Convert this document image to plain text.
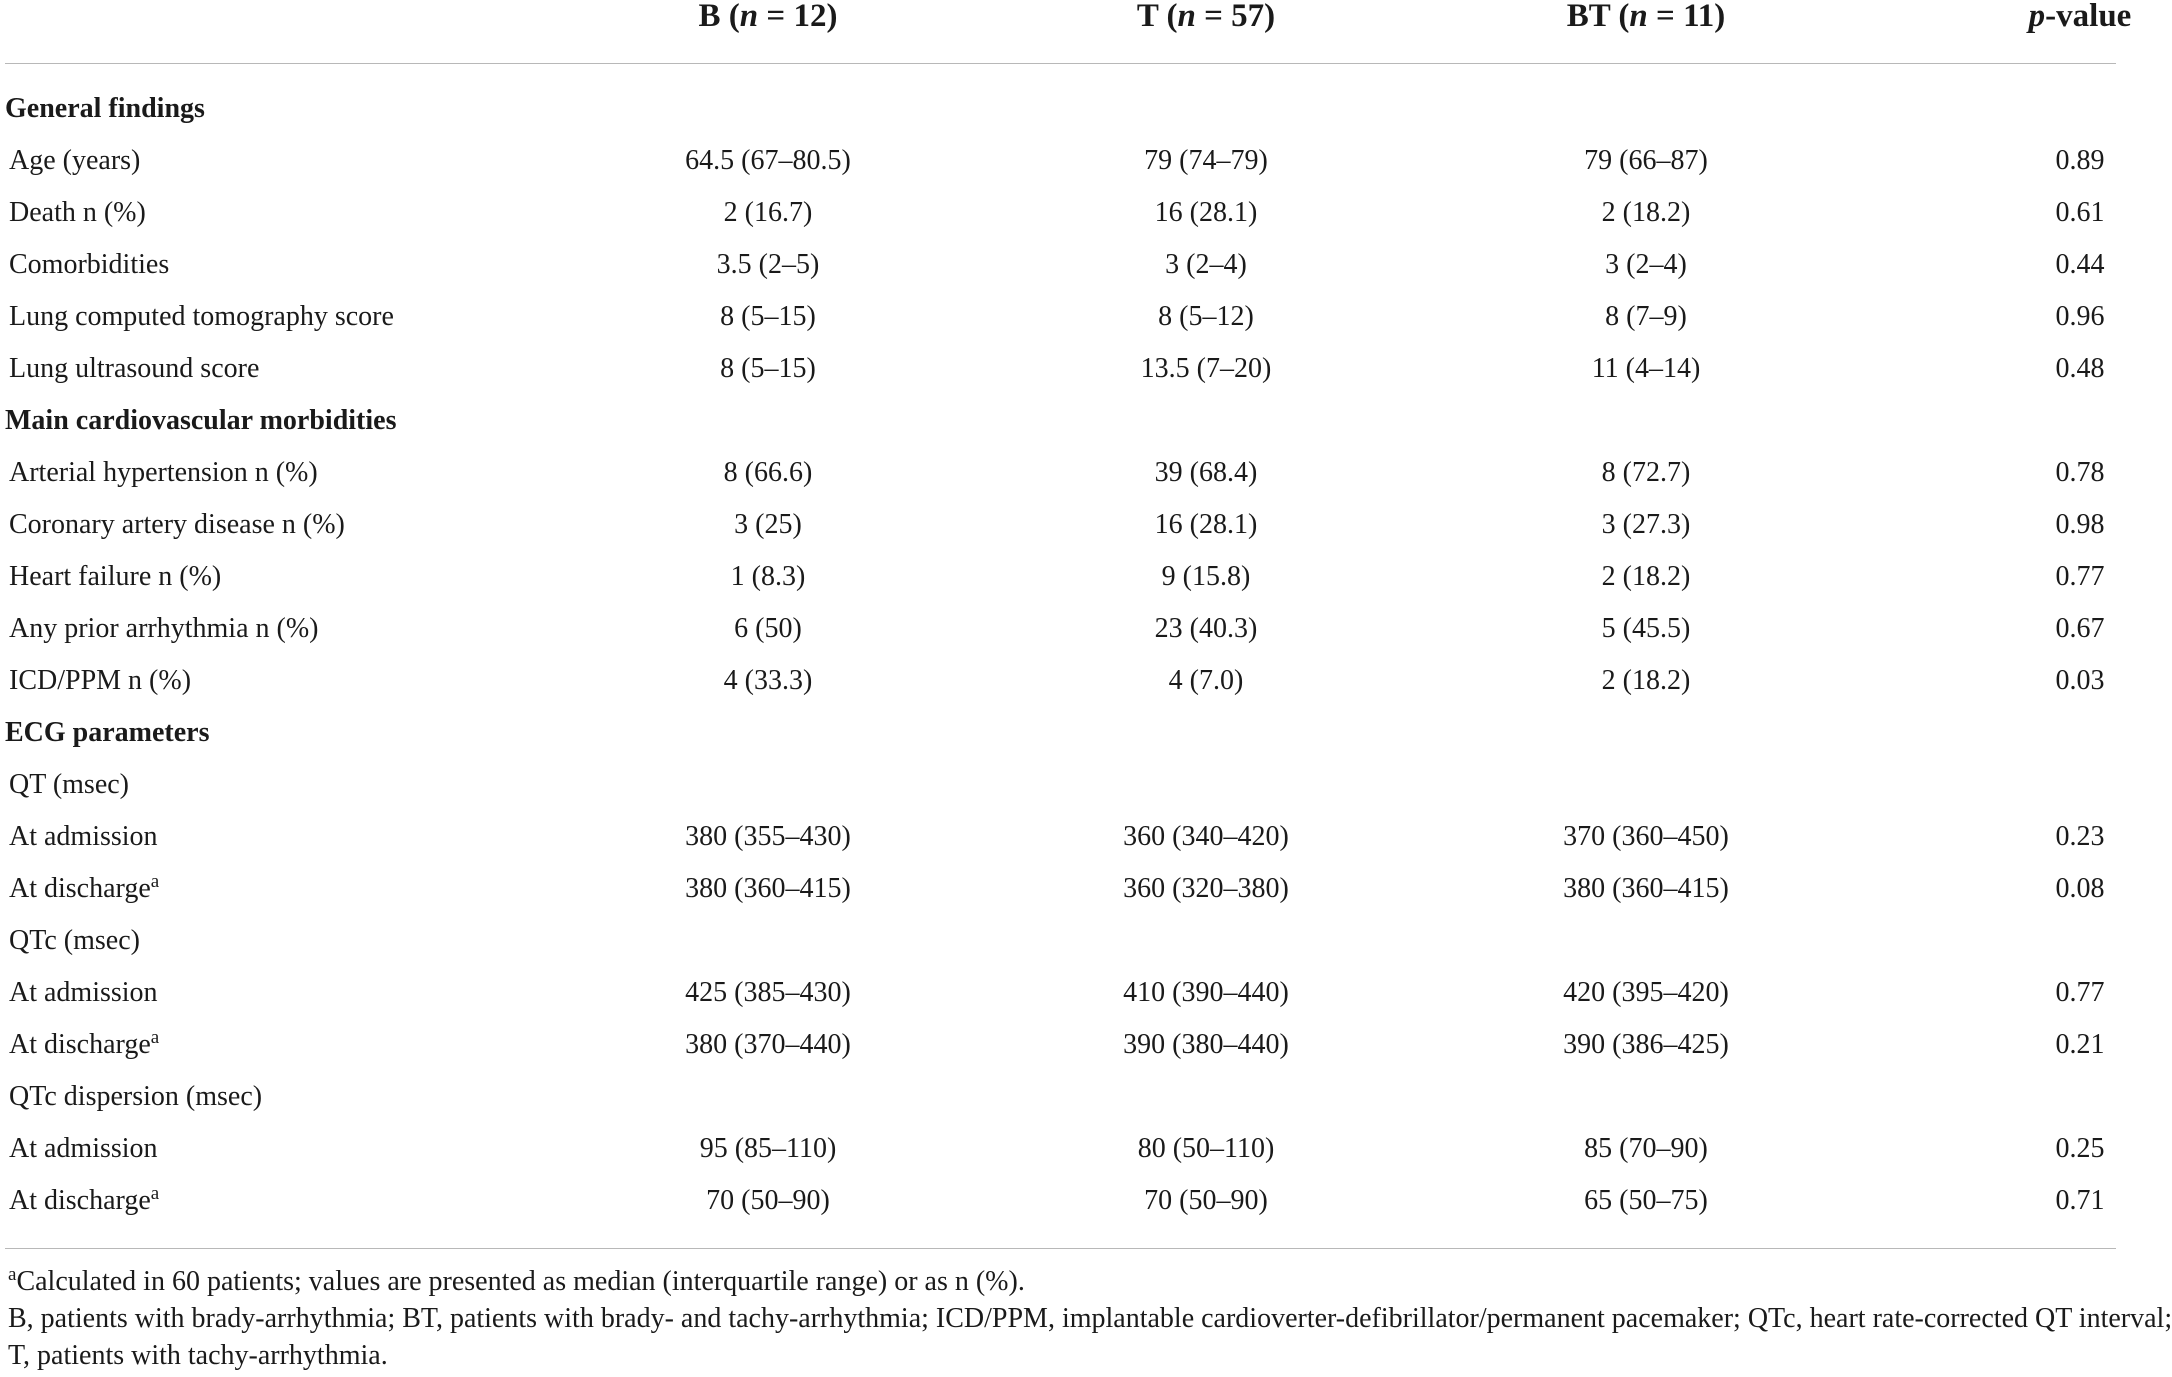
B (n = 12)	T (n = 57)	BT (n = 11)	p-value
General findings
Age (years)	64.5 (67–80.5)	79 (74–79)	79 (66–87)	0.89
Death n (%)	2 (16.7)	16 (28.1)	2 (18.2)	0.61
Comorbidities	3.5 (2–5)	3 (2–4)	3 (2–4)	0.44
Lung computed tomography score	8 (5–15)	8 (5–12)	8 (7–9)	0.96
Lung ultrasound score	8 (5–15)	13.5 (7–20)	11 (4–14)	0.48
Main cardiovascular morbidities
Arterial hypertension n (%)	8 (66.6)	39 (68.4)	8 (72.7)	0.78
Coronary artery disease n (%)	3 (25)	16 (28.1)	3 (27.3)	0.98
Heart failure n (%)	1 (8.3)	9 (15.8)	2 (18.2)	0.77
Any prior arrhythmia n (%)	6 (50)	23 (40.3)	5 (45.5)	0.67
ICD/PPM n (%)	4 (33.3)	4 (7.0)	2 (18.2)	0.03
ECG parameters
QT (msec)
At admission	380 (355–430)	360 (340–420)	370 (360–450)	0.23
At discharge$^a$	380 (360–415)	360 (320–380)	380 (360–415)	0.08
QTc (msec)
At admission	425 (385–430)	410 (390–440)	420 (395–420)	0.77
At discharge$^a$	380 (370–440)	390 (380–440)	390 (386–425)	0.21
QTc dispersion (msec)
At admission	95 (85–110)	80 (50–110)	85 (70–90)	0.25
At discharge$^a$	70 (50–90)	70 (50–90)	65 (50–75)	0.71
$^a$Calculated in 60 patients; values are presented as median (interquartile range) or as n (%).
B, patients with brady-arrhythmia; BT, patients with brady- and tachy-arrhythmia; ICD/PPM, implantable cardioverter-defibrillator/permanent pacemaker; QTc, heart rate-corrected QT interval;
T, patients with tachy-arrhythmia.
